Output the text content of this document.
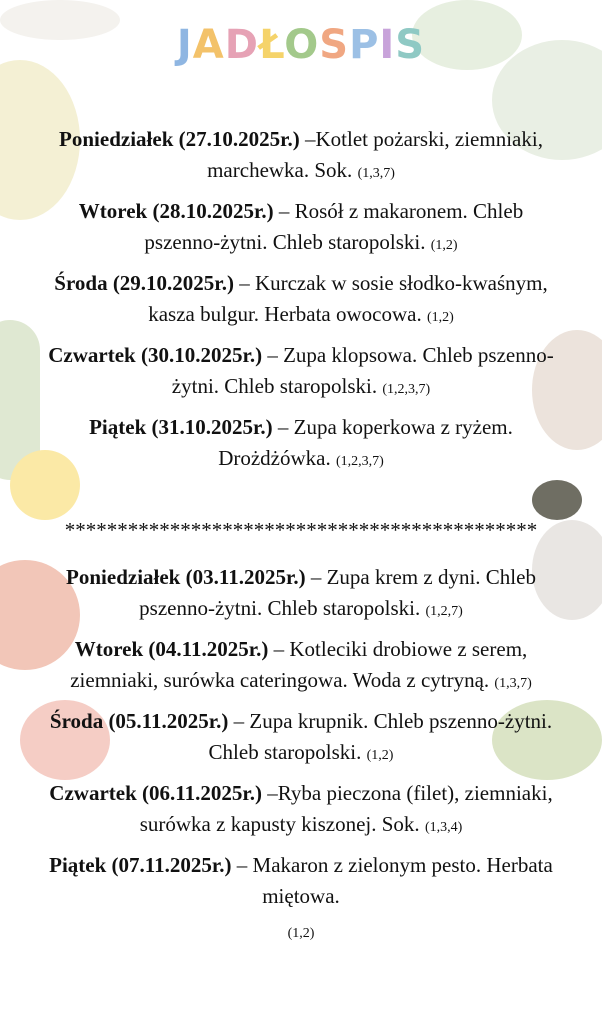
JADŁOSPIS
Poniedziałek (27.10.2025r.) –Kotlet pożarski, ziemniaki, marchewka. Sok. (1,3,7)
Wtorek (28.10.2025r.) – Rosół z makaronem. Chleb pszenno-żytni. Chleb staropolski. (1,2)
Środa (29.10.2025r.) – Kurczak w sosie słodko-kwaśnym, kasza bulgur. Herbata owocowa. (1,2)
Czwartek (30.10.2025r.) – Zupa klopsowa. Chleb pszenno-żytni. Chleb staropolski. (1,2,3,7)
Piątek (31.10.2025r.) – Zupa koperkowa z ryżem. Drożdżówka. (1,2,3,7)
*********************************************
Poniedziałek (03.11.2025r.) – Zupa krem z dyni. Chleb pszenno-żytni. Chleb staropolski. (1,2,7)
Wtorek (04.11.2025r.) – Kotleciki drobiowe z serem, ziemniaki, surówka cateringowa. Woda z cytryną. (1,3,7)
Środa (05.11.2025r.) – Zupa krupnik. Chleb pszenno-żytni. Chleb staropolski. (1,2)
Czwartek (06.11.2025r.) –Ryba pieczona (filet), ziemniaki, surówka z kapusty kiszonej. Sok. (1,3,4)
Piątek (07.11.2025r.) – Makaron z zielonym pesto. Herbata miętowa.
(1,2)
